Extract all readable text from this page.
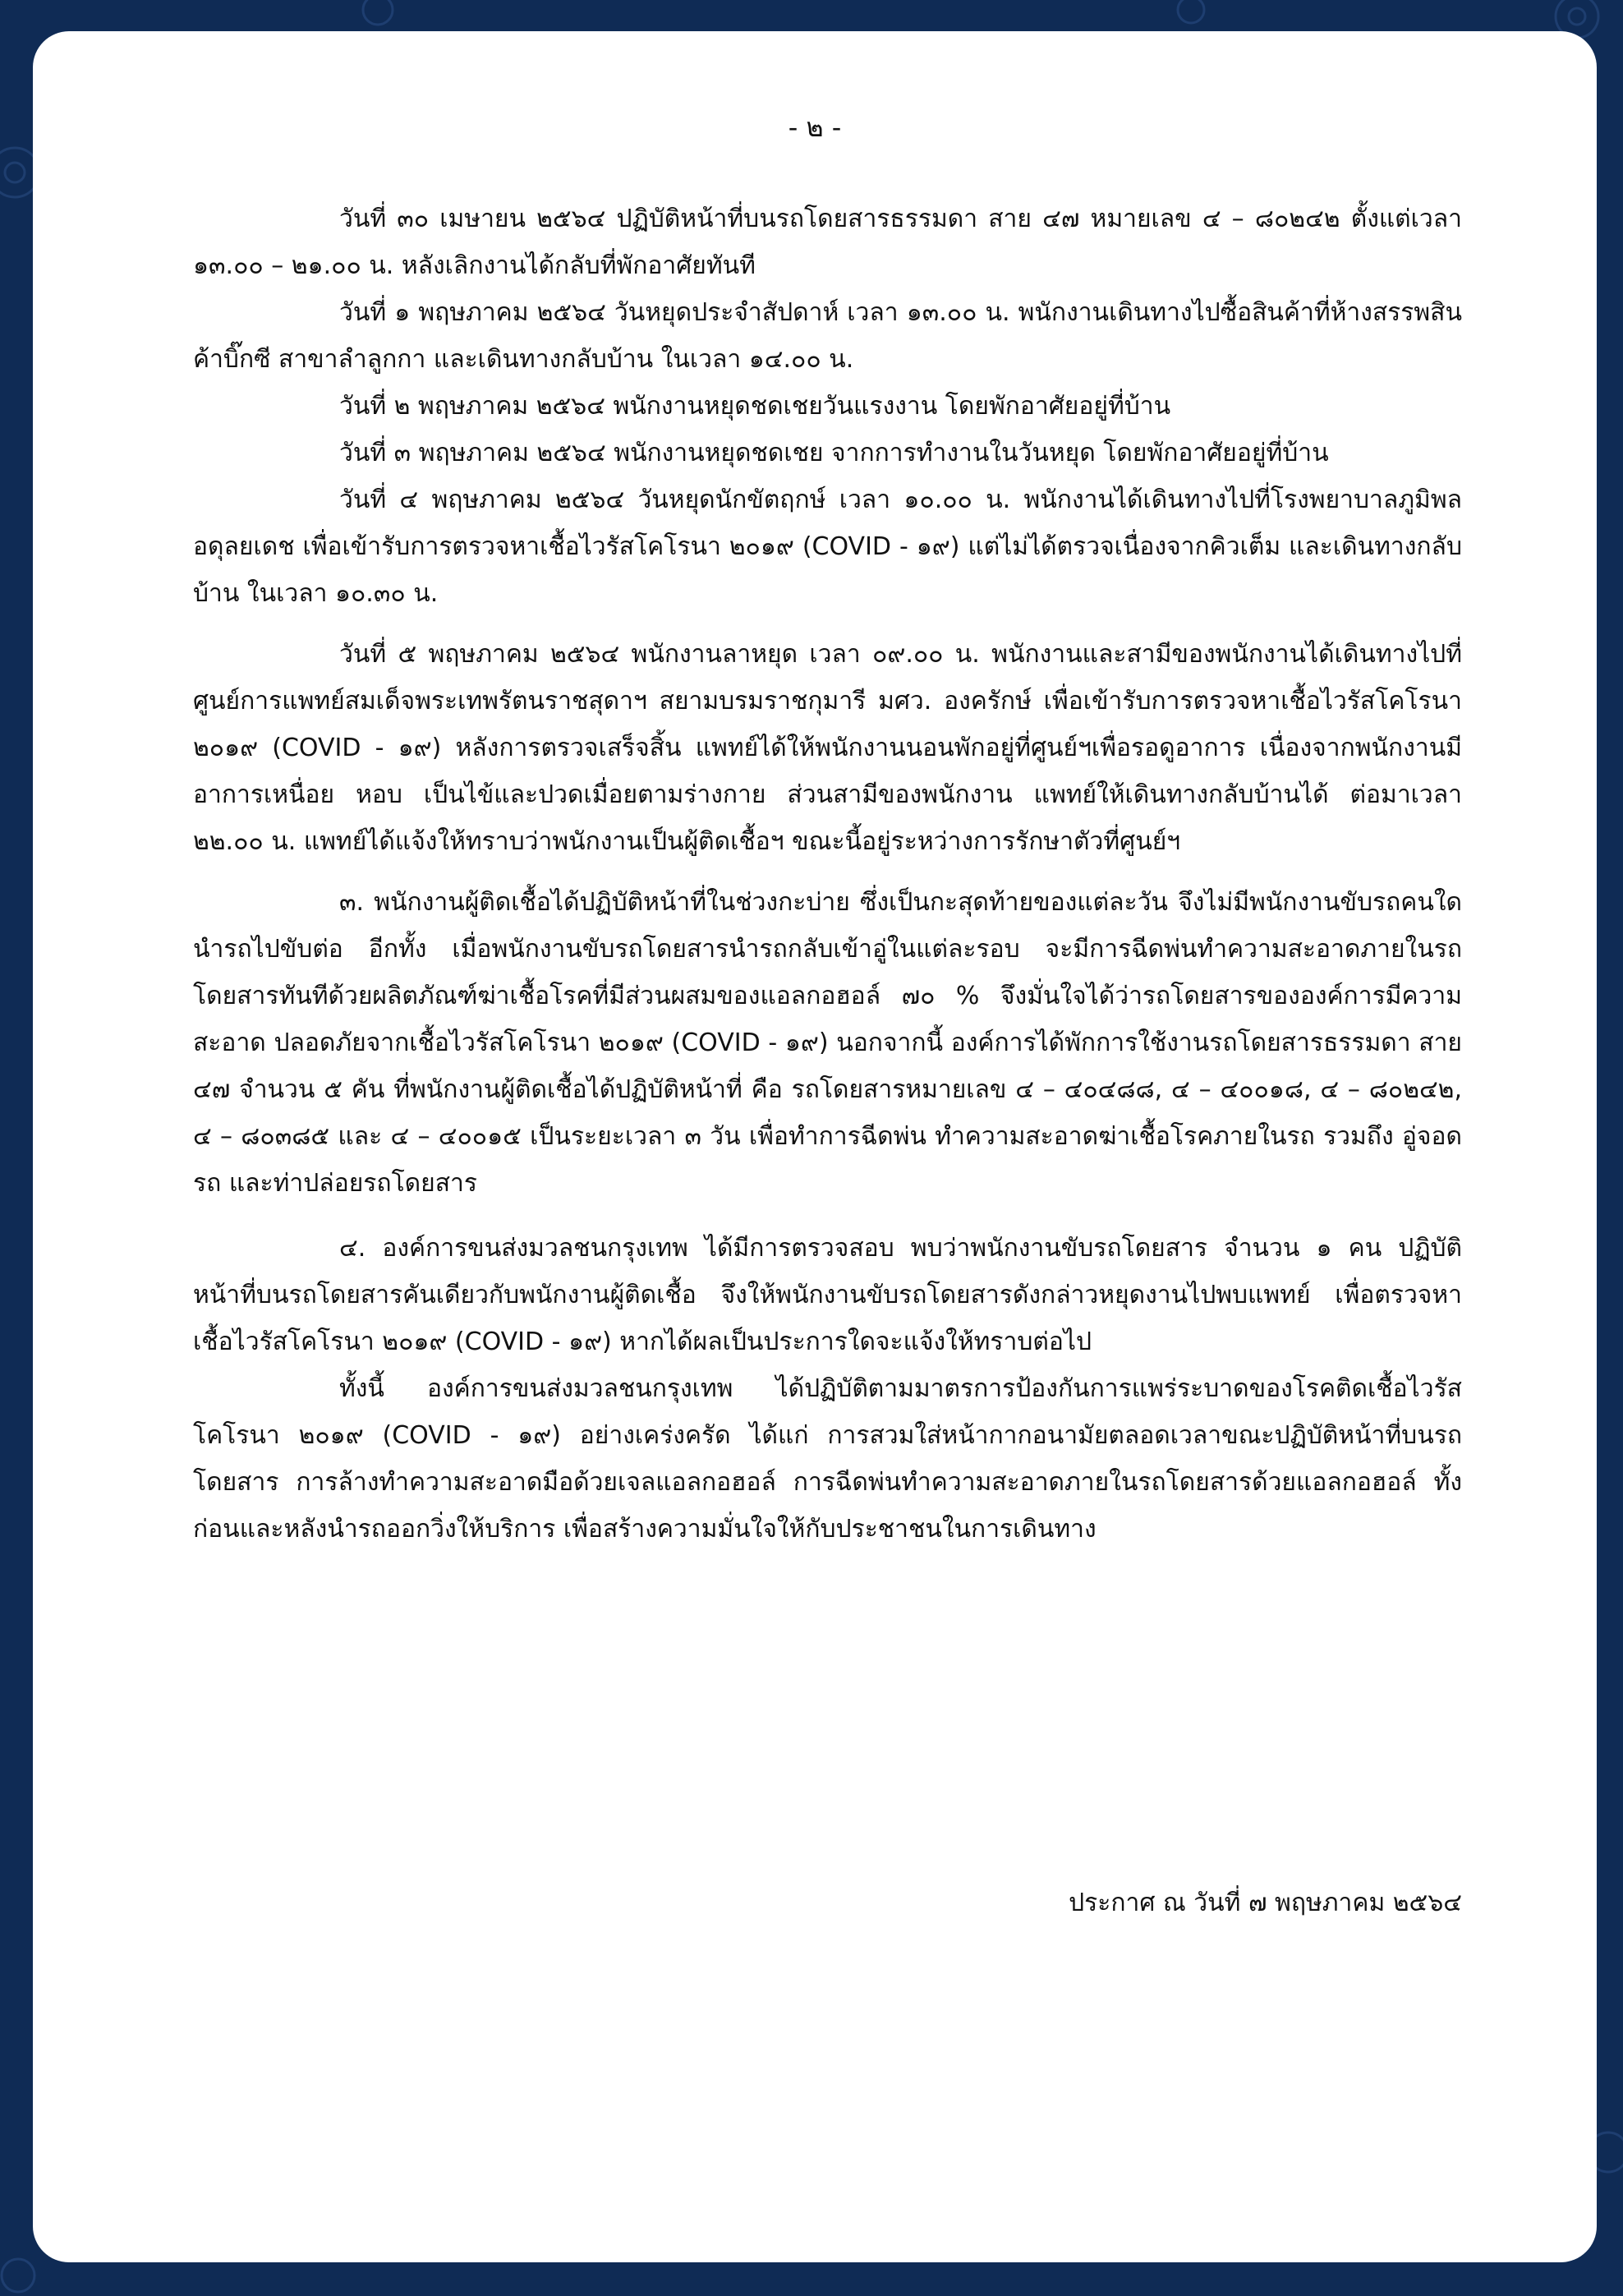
- ๒ -

วันที่ ๓๐ เมษายน ๒๕๖๔ ปฏิบัติหน้าที่บนรถโดยสารธรรมดา สาย ๔๗ หมายเลข ๔ – ๘๐๒๔๒ ตั้งแต่เวลา ๑๓.๐๐ – ๒๑.๐๐ น. หลังเลิกงานได้กลับที่พักอาศัยทันที

วันที่ ๑ พฤษภาคม ๒๕๖๔ วันหยุดประจำสัปดาห์ เวลา ๑๓.๐๐ น. พนักงานเดินทางไปซื้อสินค้าที่ห้างสรรพสินค้าบิ๊กซี สาขาลำลูกกา และเดินทางกลับบ้าน ในเวลา ๑๔.๐๐ น.

วันที่ ๒ พฤษภาคม ๒๕๖๔ พนักงานหยุดชดเชยวันแรงงาน โดยพักอาศัยอยู่ที่บ้าน

วันที่ ๓ พฤษภาคม ๒๕๖๔ พนักงานหยุดชดเชย จากการทำงานในวันหยุด โดยพักอาศัยอยู่ที่บ้าน

วันที่ ๔ พฤษภาคม ๒๕๖๔ วันหยุดนักขัตฤกษ์ เวลา ๑๐.๐๐ น. พนักงานได้เดินทางไปที่โรงพยาบาลภูมิพลอดุลยเดช เพื่อเข้ารับการตรวจหาเชื้อไวรัสโคโรนา ๒๐๑๙ (COVID - ๑๙) แต่ไม่ได้ตรวจเนื่องจากคิวเต็ม และเดินทางกลับบ้าน ในเวลา ๑๐.๓๐ น.

วันที่ ๕ พฤษภาคม ๒๕๖๔ พนักงานลาหยุด เวลา ๐๙.๐๐ น. พนักงานและสามีของพนักงานได้เดินทางไปที่ ศูนย์การแพทย์สมเด็จพระเทพรัตนราชสุดาฯ สยามบรมราชกุมารี มศว. องครักษ์ เพื่อเข้ารับการตรวจหาเชื้อไวรัสโคโรนา ๒๐๑๙ (COVID - ๑๙) หลังการตรวจเสร็จสิ้น แพทย์ได้ให้พนักงานนอนพักอยู่ที่ศูนย์ฯเพื่อรอดูอาการ เนื่องจากพนักงานมีอาการเหนื่อย หอบ เป็นไข้และปวดเมื่อยตามร่างกาย ส่วนสามีของพนักงาน แพทย์ให้เดินทางกลับบ้านได้ ต่อมาเวลา ๒๒.๐๐ น. แพทย์ได้แจ้งให้ทราบว่าพนักงานเป็นผู้ติดเชื้อฯ ขณะนี้อยู่ระหว่างการรักษาตัวที่ศูนย์ฯ

๓. พนักงานผู้ติดเชื้อได้ปฏิบัติหน้าที่ในช่วงกะบ่าย ซึ่งเป็นกะสุดท้ายของแต่ละวัน จึงไม่มีพนักงานขับรถคนใดนำรถไปขับต่อ อีกทั้ง เมื่อพนักงานขับรถโดยสารนำรถกลับเข้าอู่ในแต่ละรอบ จะมีการฉีดพ่นทำความสะอาดภายในรถโดยสารทันทีด้วยผลิตภัณฑ์ฆ่าเชื้อโรคที่มีส่วนผสมของแอลกอฮอล์ ๗๐ % จึงมั่นใจได้ว่ารถโดยสารขององค์การมีความสะอาด ปลอดภัยจากเชื้อไวรัสโคโรนา ๒๐๑๙ (COVID - ๑๙) นอกจากนี้ องค์การได้พักการใช้งานรถโดยสารธรรมดา สาย ๔๗ จำนวน ๕ คัน ที่พนักงานผู้ติดเชื้อได้ปฏิบัติหน้าที่ คือ รถโดยสารหมายเลข ๔ – ๔๐๔๘๘, ๔ – ๔๐๐๑๘, ๔ – ๘๐๒๔๒, ๔ – ๘๐๓๘๕ และ ๔ – ๔๐๐๑๕ เป็นระยะเวลา ๓ วัน เพื่อทำการฉีดพ่น ทำความสะอาดฆ่าเชื้อโรคภายในรถ รวมถึง อู่จอดรถ และท่าปล่อยรถโดยสาร

๔. องค์การขนส่งมวลชนกรุงเทพ ได้มีการตรวจสอบ พบว่าพนักงานขับรถโดยสาร จำนวน ๑ คน ปฏิบัติหน้าที่บนรถโดยสารคันเดียวกับพนักงานผู้ติดเชื้อ จึงให้พนักงานขับรถโดยสารดังกล่าวหยุดงานไปพบแพทย์ เพื่อตรวจหาเชื้อไวรัสโคโรนา ๒๐๑๙ (COVID - ๑๙) หากได้ผลเป็นประการใดจะแจ้งให้ทราบต่อไป

ทั้งนี้ องค์การขนส่งมวลชนกรุงเทพ ได้ปฏิบัติตามมาตรการป้องกันการแพร่ระบาดของโรคติดเชื้อไวรัสโคโรนา ๒๐๑๙ (COVID - ๑๙) อย่างเคร่งครัด ได้แก่ การสวมใส่หน้ากากอนามัยตลอดเวลาขณะปฏิบัติหน้าที่บนรถโดยสาร การล้างทำความสะอาดมือด้วยเจลแอลกอฮอล์ การฉีดพ่นทำความสะอาดภายในรถโดยสารด้วยแอลกอฮอล์ ทั้งก่อนและหลังนำรถออกวิ่งให้บริการ เพื่อสร้างความมั่นใจให้กับประชาชนในการเดินทาง

ประกาศ ณ วันที่ ๗ พฤษภาคม ๒๕๖๔
